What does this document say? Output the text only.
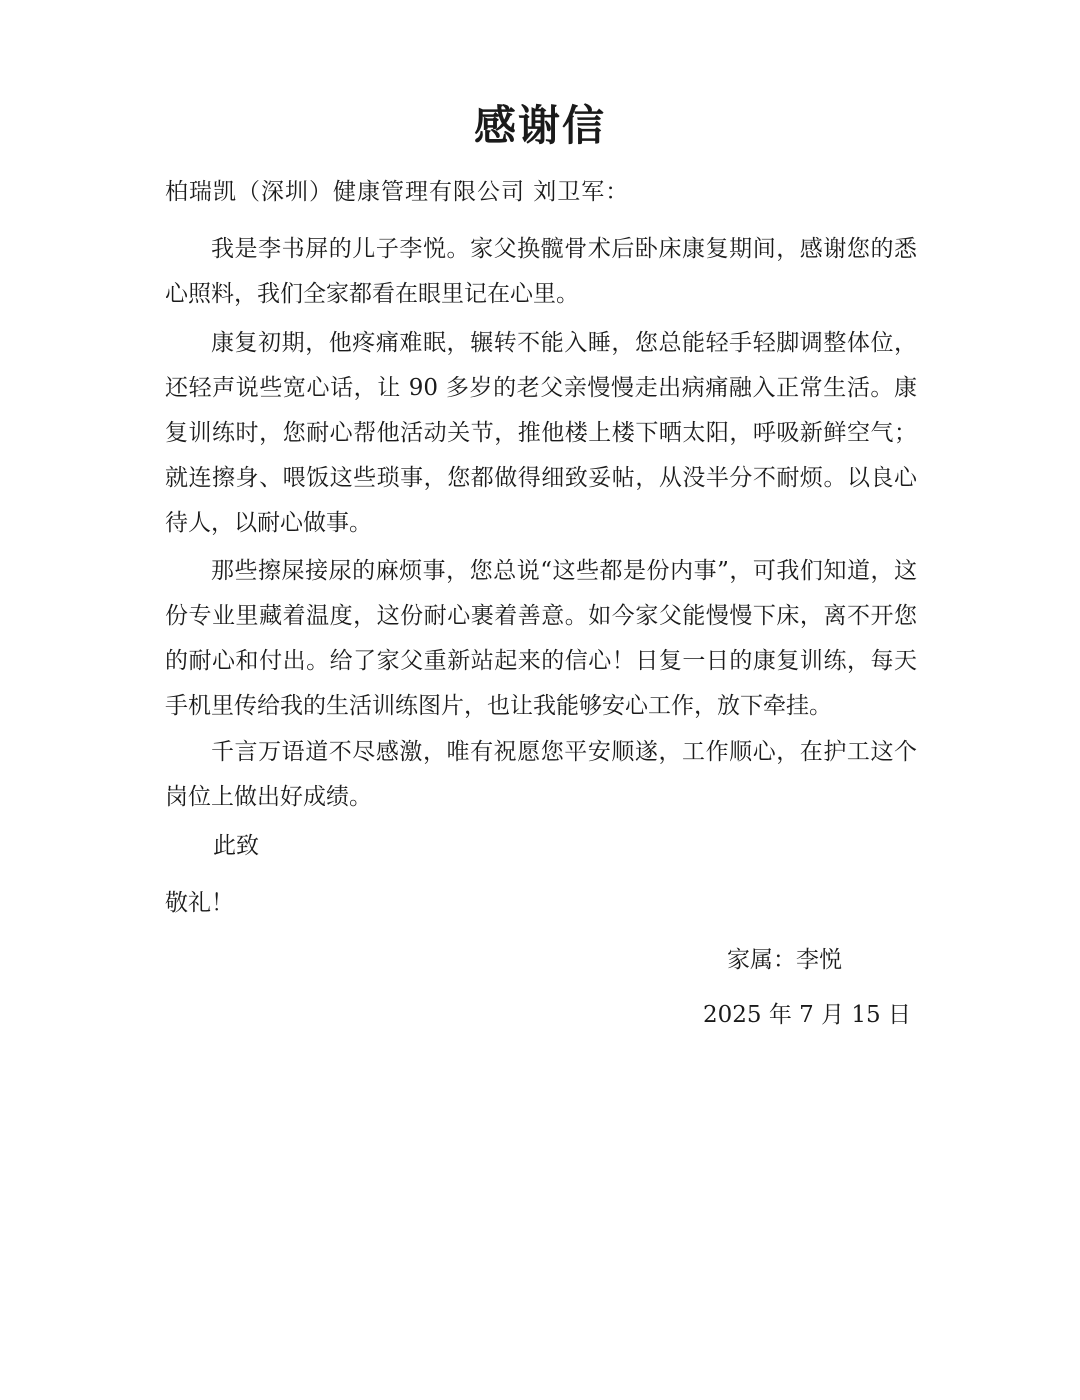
感谢信

柏瑞凯（深圳）健康管理有限公司 刘卫军：

我是李书屏的儿子李悦。家父换髋骨术后卧床康复期间，感谢您的悉心照料，我们全家都看在眼里记在心里。

康复初期，他疼痛难眠，辗转不能入睡，您总能轻手轻脚调整体位，还轻声说些宽心话，让 90 多岁的老父亲慢慢走出病痛融入正常生活。康复训练时，您耐心帮他活动关节，推他楼上楼下晒太阳，呼吸新鲜空气；就连擦身、喂饭这些琐事，您都做得细致妥帖，从没半分不耐烦。以良心待人，以耐心做事。

那些擦屎接尿的麻烦事，您总说“这些都是份内事”，可我们知道，这份专业里藏着温度，这份耐心裹着善意。如今家父能慢慢下床，离不开您的耐心和付出。给了家父重新站起来的信心！日复一日的康复训练，每天手机里传给我的生活训练图片，也让我能够安心工作，放下牵挂。

千言万语道不尽感激，唯有祝愿您平安顺遂，工作顺心，在护工这个岗位上做出好成绩。

此致

敬礼！

家属：李悦

2025 年 7 月 15 日
